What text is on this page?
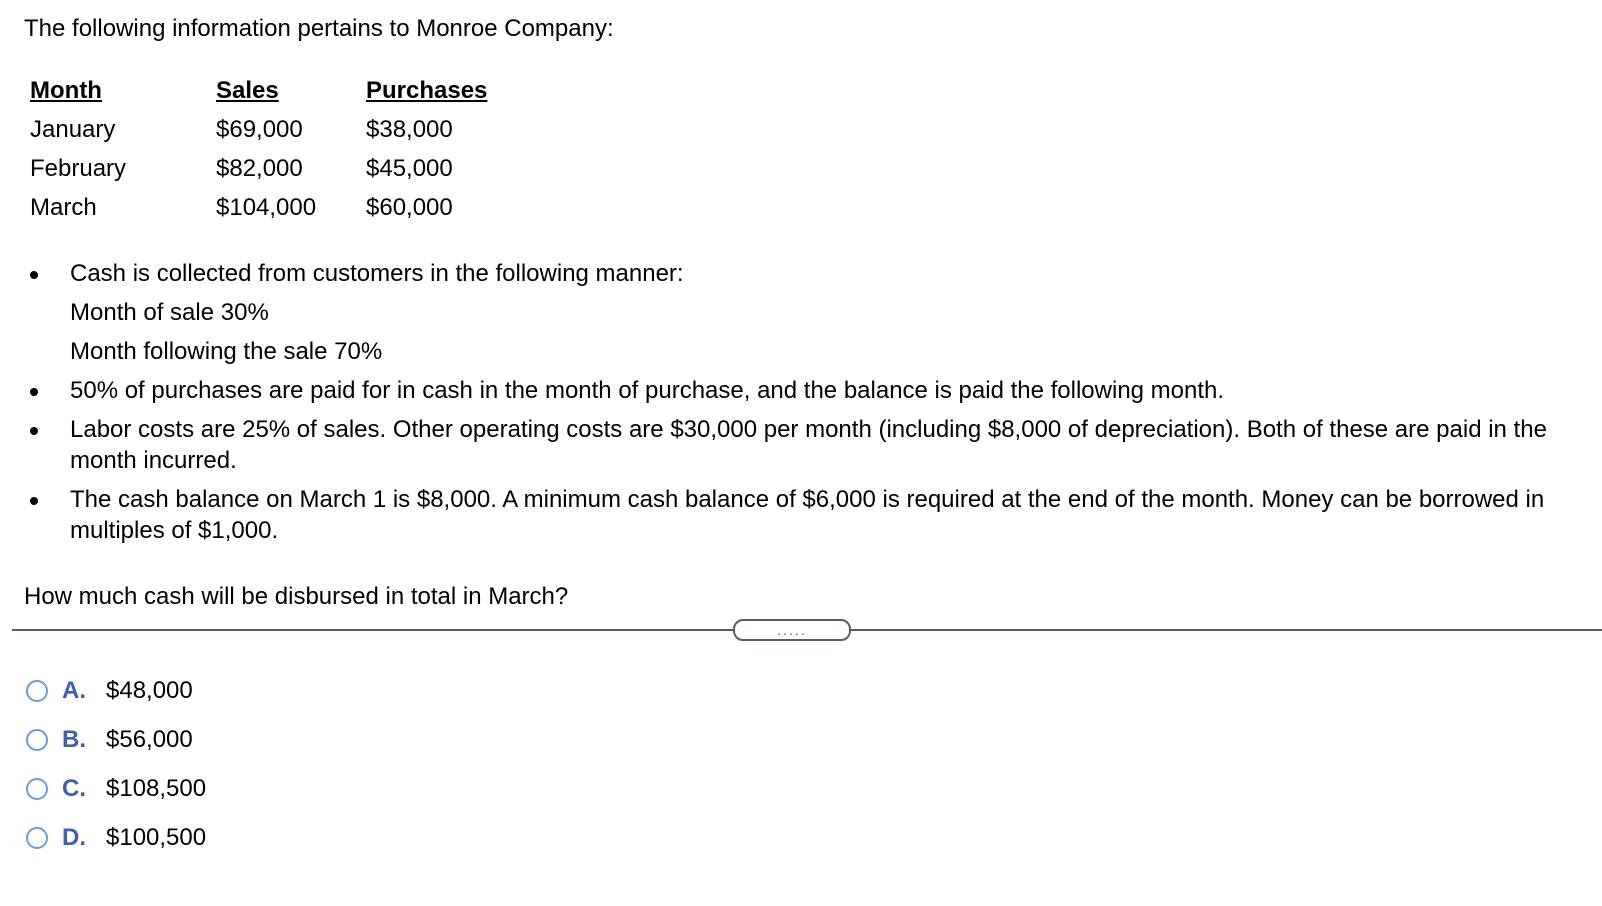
The following information pertains to Monroe Company:

Month	Sales	Purchases
January	$69,000	$38,000
February	$82,000	$45,000
March	$104,000	$60,000
Cash is collected from customers in the following manner:
Month of sale 30%
Month following the sale 70%
50% of purchases are paid for in cash in the month of purchase, and the balance is paid the following month.
Labor costs are 25% of sales. Other operating costs are $30,000 per month (including $8,000 of depreciation). Both of these are paid in the month incurred.
The cash balance on March 1 is $8,000. A minimum cash balance of $6,000 is required at the end of the month. Money can be borrowed in multiples of $1,000.

How much cash will be disbursed in total in March?

.....
A. $48,000
B. $56,000
C. $108,500
D. $100,500
